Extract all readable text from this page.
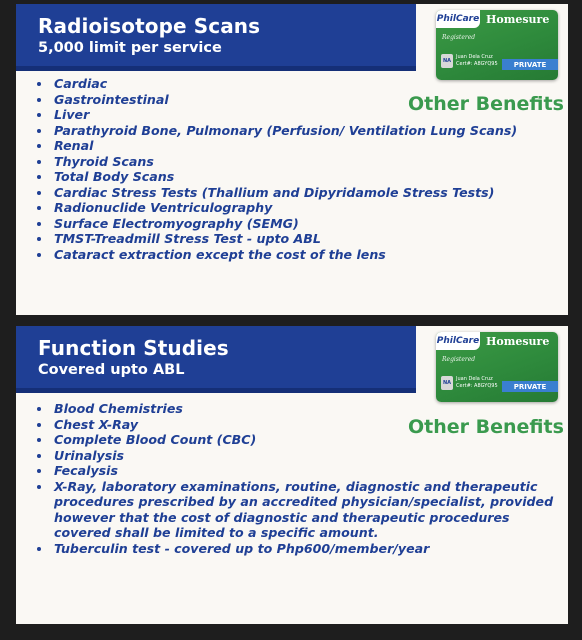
Radioisotope Scans
5,000 limit per service
PhilCare Homesure
Registered
NA
Juan Dela Cruz
Cert#: A8GYQ95	PRIVATE
Other Benefits
• Cardiac
• Gastrointestinal
• Liver
• Parathyroid Bone, Pulmonary (Perfusion/ Ventilation Lung Scans)
• Renal
• Thyroid Scans
• Total Body Scans
• Cardiac Stress Tests (Thallium and Dipyridamole Stress Tests)
• Radionuclide Ventriculography
• Surface Electromyography (SEMG)
• TMST-Treadmill Stress Test - upto ABL
• Cataract extraction except the cost of the lens
Function Studies
Covered upto ABL
PhilCare Homesure
Registered
NA
Juan Dela Cruz
Cert#: A8GYQ95	PRIVATE
Other Benefits
• Blood Chemistries
• Chest X-Ray
• Complete Blood Count (CBC)
• Urinalysis
• Fecalysis
• X-Ray, laboratory examinations, routine, diagnostic and therapeutic procedures prescribed by an accredited physician/specialist, provided however that the cost of diagnostic and therapeutic procedures covered shall be limited to a specific amount.
• Tuberculin test - covered up to Php600/member/year
